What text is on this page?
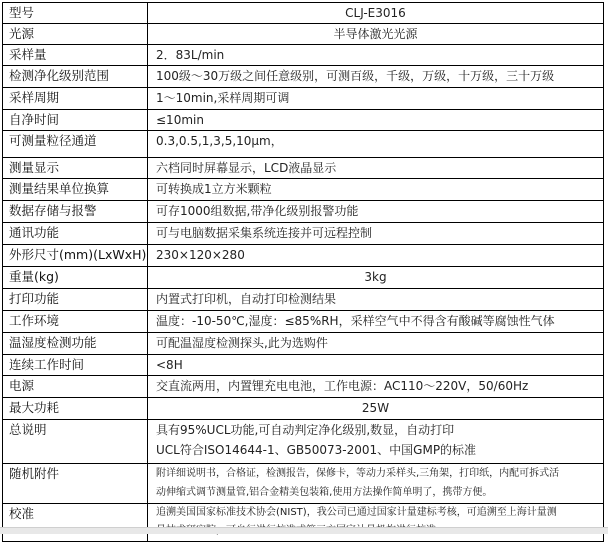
型号	CLJ-E3016
光源	半导体激光光源
采样量	2．83L/min
检测净化级别范围	100级～30万级之间任意级别，可测百级，千级，万级，十万级，三十万级
采样周期	1～10min,采样周期可调
自净时间	≤10min
可测量粒径通道	0.3,0.5,1,3,5,10μm，
测量显示	六档同时屏幕显示，LCD液晶显示
测量结果单位换算	可转换成1立方米颗粒
数据存储与报警	可存1000组数据,带净化级别报警功能
通讯功能	可与电脑数据采集系统连接并可远程控制
外形尺寸(mm)(LxWxH)	230×120×280
重量(kg)	3kg
打印功能	内置式打印机，自动打印检测结果
工作环境	温度：-10-50℃,湿度：≤85%RH，采样空气中不得含有酸碱等腐蚀性气体
温湿度检测功能	可配温湿度检测探头,此为选购件
连续工作时间	<8H
电源	交直流两用，内置锂充电电池，工作电源：AC110～220V，50/60Hz
最大功耗	25W
总说明	具有95%UCL功能,可自动判定净化级别,数显，自动打印
UCL符合ISO14644-1、GB50073-2001、中国GMP的标准

随机附件	附详细说明书，合格证，检测报告，保修卡，等动力采样头,三角架，打印纸，内配可拆式活
动伸缩式调节测量管,铝合金精美包装箱,使用方法操作简单明了，携带方便。

校准	追溯美国国家标准技术协会(NIST)，我公司已通过国家计量建标考核，可追溯至上海计量测
